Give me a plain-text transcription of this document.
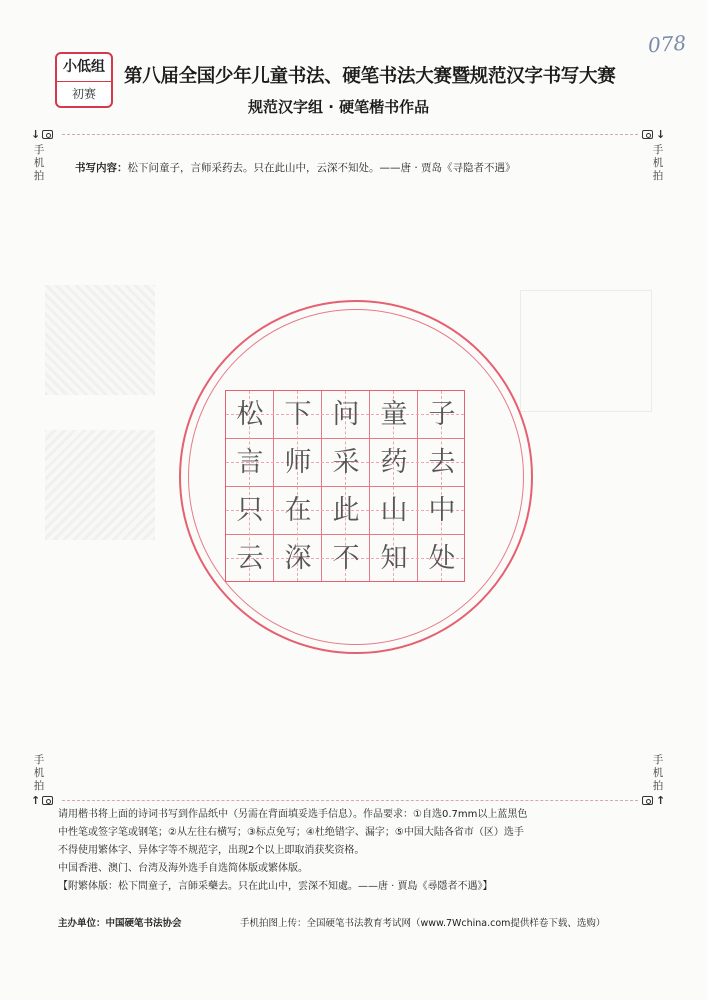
小低组
初赛
第八届全国少年儿童书法、硬笔书法大赛暨规范汉字书写大赛
规范汉字组 · 硬笔楷书作品
078
↓
手机拍
↓
手机拍
书写内容：松下问童子，言师采药去。只在此山中，云深不知处。——唐 · 贾岛《寻隐者不遇》
松 下 问 童 子
言 师 采 药 去
只 在 此 山 中
云 深 不 知 处
手机拍
↑
手机拍
↑
请用楷书将上面的诗词书写到作品纸中（另需在背面填妥选手信息）。作品要求：①自选0.7mm以上蓝黑色
中性笔或签字笔或钢笔；②从左往右横写；③标点免写；④杜绝错字、漏字；⑤中国大陆各省市（区）选手
不得使用繁体字、异体字等不规范字，出现2个以上即取消获奖资格。
中国香港、澳门、台湾及海外选手自选简体版或繁体版。
【附繁体版：松下問童子，言師采藥去。只在此山中，雲深不知處。——唐 · 賈島《尋隱者不遇》】
主办单位：中国硬笔书法协会	手机拍图上传：全国硬笔书法教育考试网（www.7Wchina.com提供样卷下载、选购）
